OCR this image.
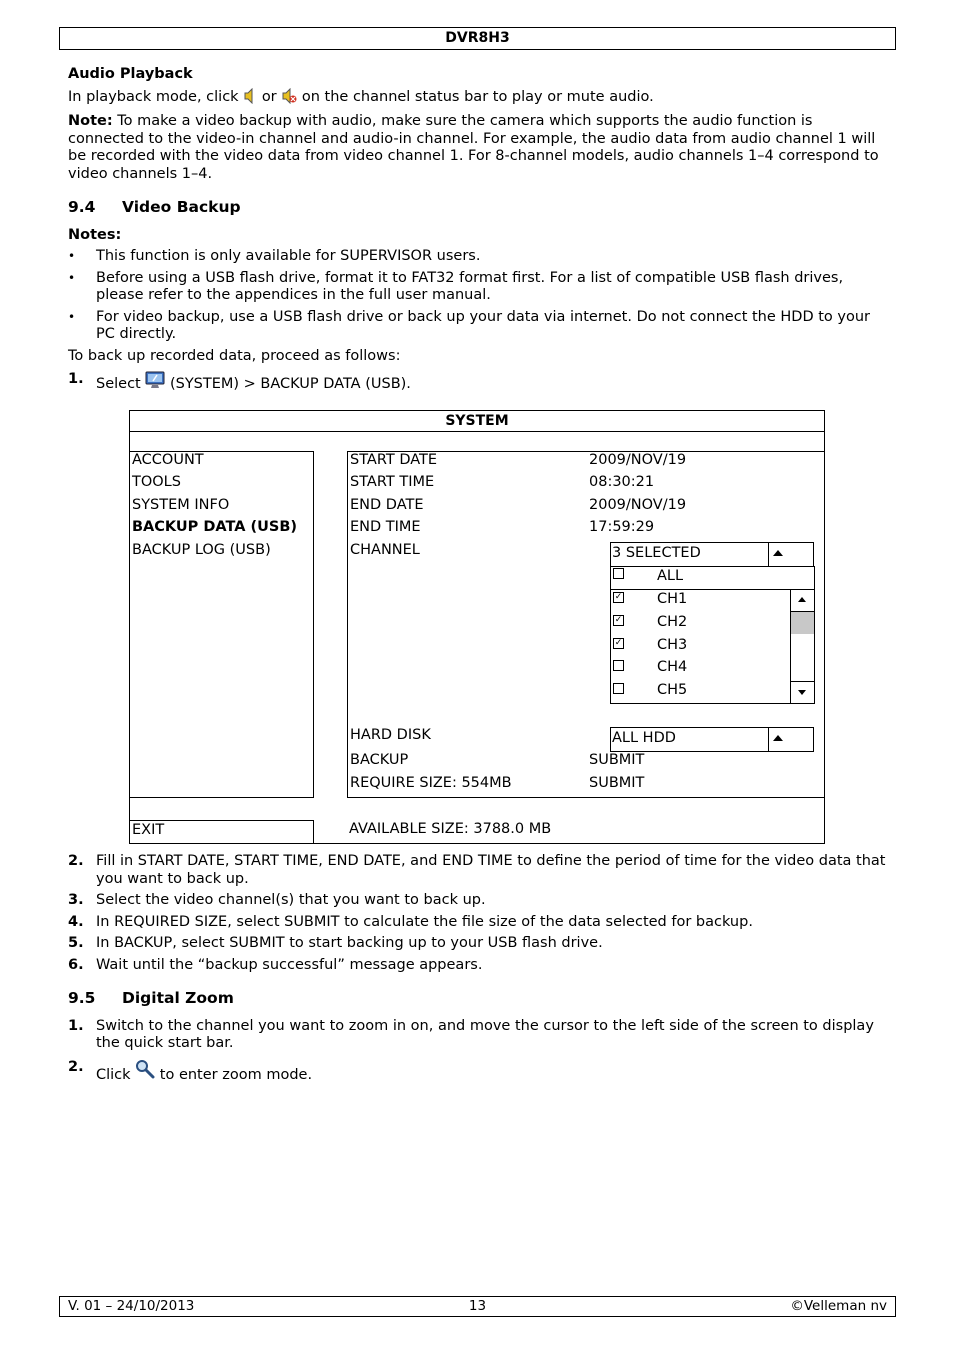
DVR8H3
Audio Playback
In playback mode, click or on the channel status bar to play or mute audio.
Note: To make a video backup with audio, make sure the camera which supports the audio function is connected to the video-in channel and audio-in channel. For example, the audio data from audio channel 1 will be recorded with the video data from video channel 1. For 8-channel models, audio channels 1–4 correspond to video channels 1–4.
9.4 Video Backup
Notes:
• This function is only available for SUPERVISOR users.
• Before using a USB flash drive, format it to FAT32 format first. For a list of compatible USB flash drives, please refer to the appendices in the full user manual.
• For video backup, use a USB flash drive or back up your data via internet. Do not connect the HDD to your PC directly.
To back up recorded data, proceed as follows:
1. Select (SYSTEM) > BACKUP DATA (USB).
SYSTEM
ACCOUNT
TOOLS
SYSTEM INFO
BACKUP DATA (USB)
BACKUP LOG (USB)
START DATE	2009/NOV/19
START TIME	08:30:21
END DATE	2009/NOV/19
END TIME	17:59:29
CHANNEL	3 SELECTED
ALL
✓ CH1
✓ CH2
✓ CH3
CH4
CH5
HARD DISK	ALL HDD
BACKUP	SUBMIT
REQUIRE SIZE: 554MB	SUBMIT
EXIT	AVAILABLE SIZE: 3788.0 MB
2. Fill in START DATE, START TIME, END DATE, and END TIME to define the period of time for the video data that you want to back up.
3. Select the video channel(s) that you want to back up.
4. In REQUIRED SIZE, select SUBMIT to calculate the file size of the data selected for backup.
5. In BACKUP, select SUBMIT to start backing up to your USB flash drive.
6. Wait until the “backup successful” message appears.
9.5 Digital Zoom
1. Switch to the channel you want to zoom in on, and move the cursor to the left side of the screen to display the quick start bar.
2. Click to enter zoom mode.
V. 01 – 24/10/2013	13	©Velleman nv
